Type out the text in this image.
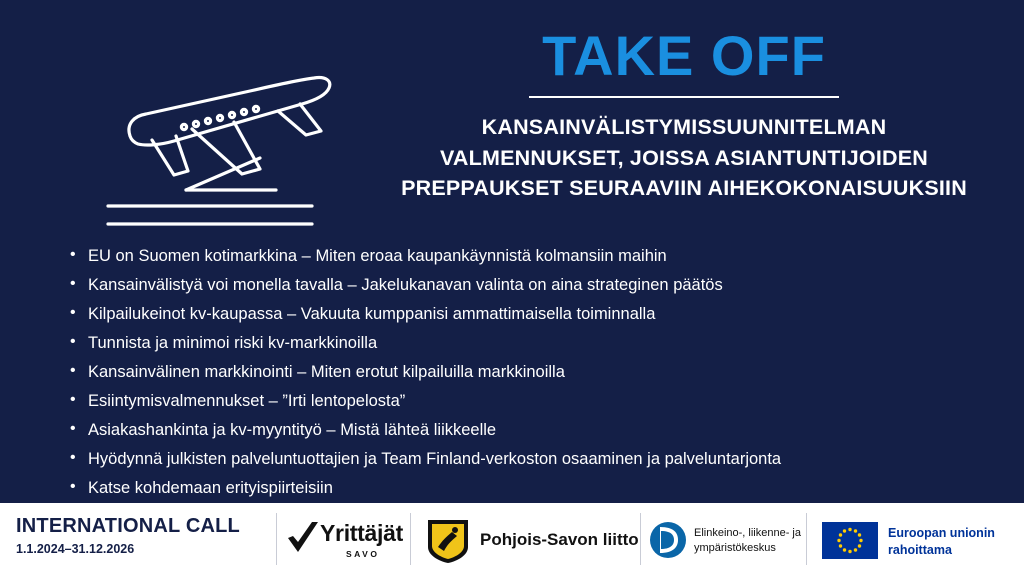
TAKE OFF
KANSAINVÄLISTYMISSUUNNITELMAN
VALMENNUKSET, JOISSA ASIANTUNTIJOIDEN
PREPPAUKSET SEURAAVIIN AIHEKOKONAISUUKSIIN
• EU on Suomen kotimarkkina – Miten eroaa kaupankäynnistä kolmansiin maihin
• Kansainvälistyä voi monella tavalla – Jakelukanavan valinta on aina strateginen päätös
• Kilpailukeinot kv-kaupassa – Vakuuta kumppanisi ammattimaisella toiminnalla
• Tunnista ja minimoi riski kv-markkinoilla
• Kansainvälinen markkinointi – Miten erotut kilpailuilla markkinoilla
• Esiintymisvalmennukset – ”Irti lentopelosta”
• Asiakashankinta ja kv-myyntityö – Mistä lähteä liikkeelle
• Hyödynnä julkisten palveluntuottajien ja Team Finland-verkoston osaaminen ja palveluntarjonta
• Katse kohdemaan erityispiirteisiin
INTERNATIONAL CALL
1.1.2024–31.12.2026
Yrittäjät
SAVO
Pohjois-Savon liitto	Elinkeino-, liikenne- ja
ympäristökeskus
Euroopan unionin
rahoittama
